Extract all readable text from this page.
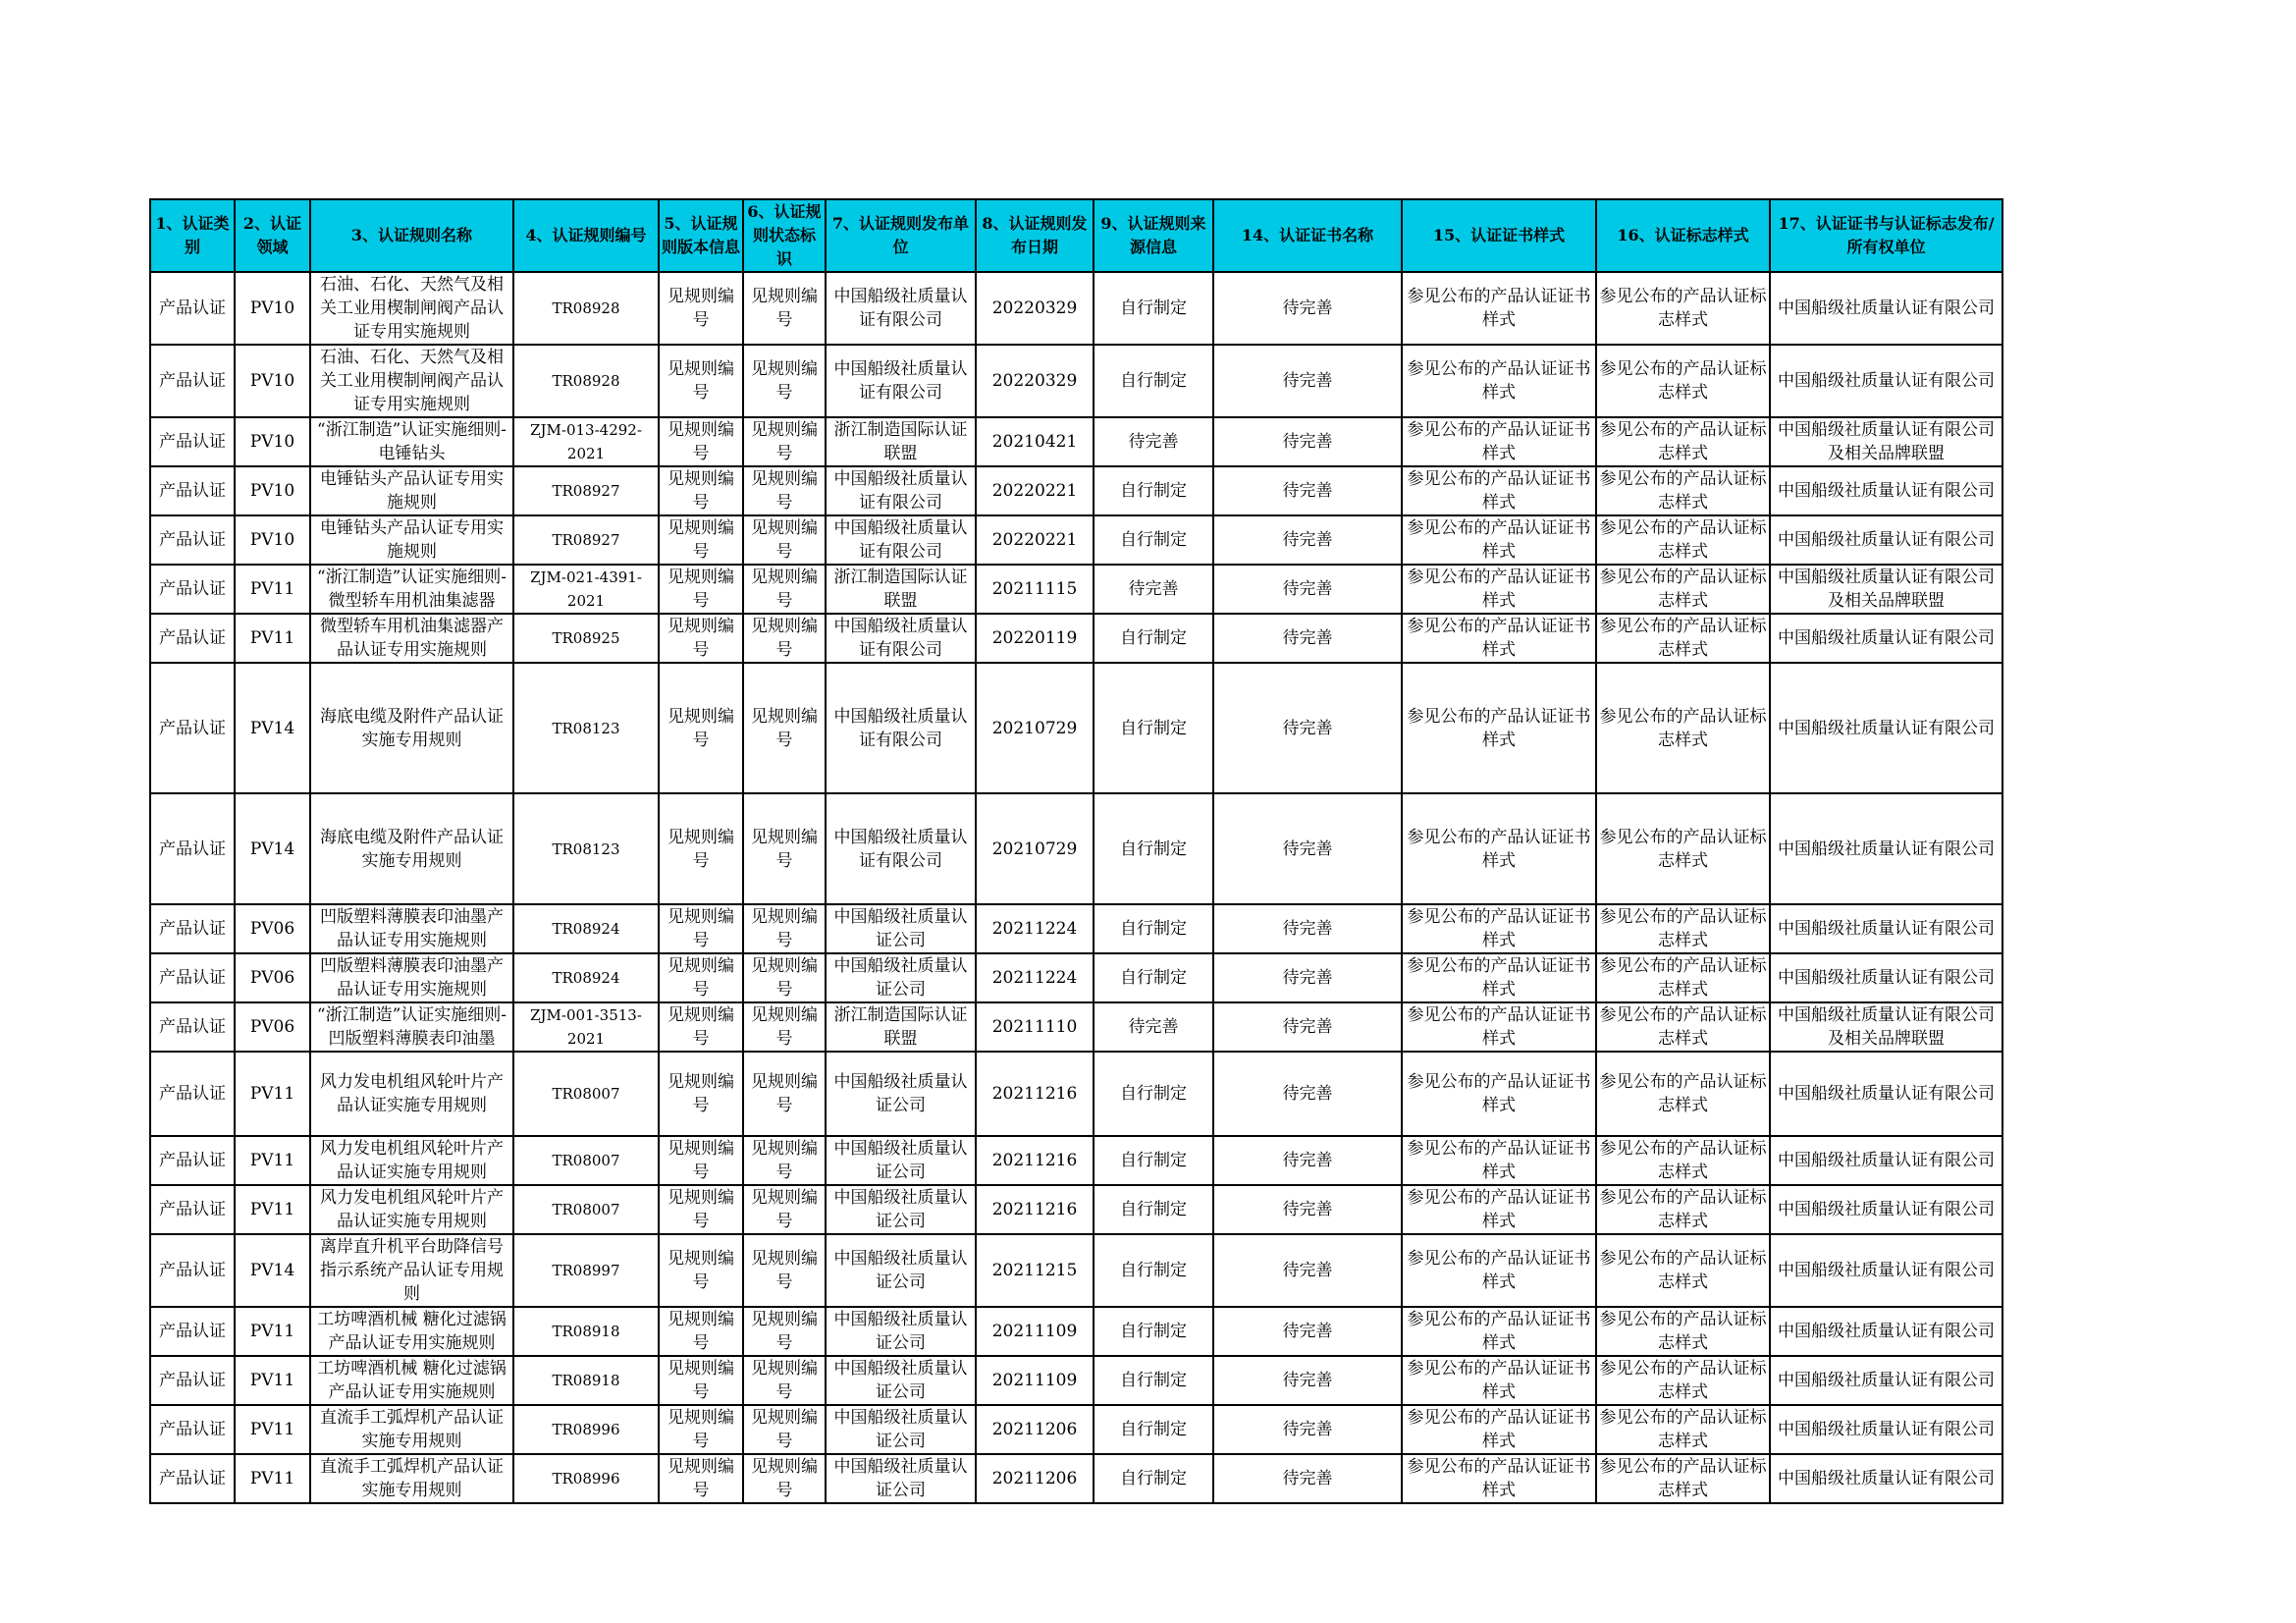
1、认证类别	2、认证领域	3、认证规则名称	4、认证规则编号	5、认证规则版本信息	6、认证规则状态标识	7、认证规则发布单位	8、认证规则发布日期	9、认证规则来源信息	14、认证证书名称	15、认证证书样式	16、认证标志样式	17、认证证书与认证标志发布/所有权单位

产品认证	PV10	石油、石化、天然气及相关工业用楔制闸阀产品认证专用实施规则	TR08928	见规则编号	见规则编号	中国船级社质量认证有限公司	20220329	自行制定	待完善	参见公布的产品认证证书样式	参见公布的产品认证标志样式	中国船级社质量认证有限公司

产品认证	PV10	石油、石化、天然气及相关工业用楔制闸阀产品认证专用实施规则	TR08928	见规则编号	见规则编号	中国船级社质量认证有限公司	20220329	自行制定	待完善	参见公布的产品认证证书样式	参见公布的产品认证标志样式	中国船级社质量认证有限公司

产品认证	PV10	“浙江制造”认证实施细则-电锤钻头	ZJM-013-4292-2021	见规则编号	见规则编号	浙江制造国际认证联盟	20210421	待完善	待完善	参见公布的产品认证证书样式	参见公布的产品认证标志样式	中国船级社质量认证有限公司及相关品牌联盟

产品认证	PV10	电锤钻头产品认证专用实施规则	TR08927	见规则编号	见规则编号	中国船级社质量认证有限公司	20220221	自行制定	待完善	参见公布的产品认证证书样式	参见公布的产品认证标志样式	中国船级社质量认证有限公司

产品认证	PV10	电锤钻头产品认证专用实施规则	TR08927	见规则编号	见规则编号	中国船级社质量认证有限公司	20220221	自行制定	待完善	参见公布的产品认证证书样式	参见公布的产品认证标志样式	中国船级社质量认证有限公司

产品认证	PV11	“浙江制造”认证实施细则-微型轿车用机油集滤器	ZJM-021-4391-2021	见规则编号	见规则编号	浙江制造国际认证联盟	20211115	待完善	待完善	参见公布的产品认证证书样式	参见公布的产品认证标志样式	中国船级社质量认证有限公司及相关品牌联盟

产品认证	PV11	微型轿车用机油集滤器产品认证专用实施规则	TR08925	见规则编号	见规则编号	中国船级社质量认证有限公司	20220119	自行制定	待完善	参见公布的产品认证证书样式	参见公布的产品认证标志样式	中国船级社质量认证有限公司

产品认证	PV14	海底电缆及附件产品认证实施专用规则	TR08123	见规则编号	见规则编号	中国船级社质量认证有限公司	20210729	自行制定	待完善	参见公布的产品认证证书样式	参见公布的产品认证标志样式	中国船级社质量认证有限公司

产品认证	PV14	海底电缆及附件产品认证实施专用规则	TR08123	见规则编号	见规则编号	中国船级社质量认证有限公司	20210729	自行制定	待完善	参见公布的产品认证证书样式	参见公布的产品认证标志样式	中国船级社质量认证有限公司

产品认证	PV06	凹版塑料薄膜表印油墨产品认证专用实施规则	TR08924	见规则编号	见规则编号	中国船级社质量认证公司	20211224	自行制定	待完善	参见公布的产品认证证书样式	参见公布的产品认证标志样式	中国船级社质量认证有限公司

产品认证	PV06	凹版塑料薄膜表印油墨产品认证专用实施规则	TR08924	见规则编号	见规则编号	中国船级社质量认证公司	20211224	自行制定	待完善	参见公布的产品认证证书样式	参见公布的产品认证标志样式	中国船级社质量认证有限公司

产品认证	PV06	“浙江制造”认证实施细则-凹版塑料薄膜表印油墨	ZJM-001-3513-2021	见规则编号	见规则编号	浙江制造国际认证联盟	20211110	待完善	待完善	参见公布的产品认证证书样式	参见公布的产品认证标志样式	中国船级社质量认证有限公司及相关品牌联盟

产品认证	PV11	风力发电机组风轮叶片产品认证实施专用规则	TR08007	见规则编号	见规则编号	中国船级社质量认证公司	20211216	自行制定	待完善	参见公布的产品认证证书样式	参见公布的产品认证标志样式	中国船级社质量认证有限公司

产品认证	PV11	风力发电机组风轮叶片产品认证实施专用规则	TR08007	见规则编号	见规则编号	中国船级社质量认证公司	20211216	自行制定	待完善	参见公布的产品认证证书样式	参见公布的产品认证标志样式	中国船级社质量认证有限公司

产品认证	PV11	风力发电机组风轮叶片产品认证实施专用规则	TR08007	见规则编号	见规则编号	中国船级社质量认证公司	20211216	自行制定	待完善	参见公布的产品认证证书样式	参见公布的产品认证标志样式	中国船级社质量认证有限公司

产品认证	PV14	离岸直升机平台助降信号指示系统产品认证专用规则	TR08997	见规则编号	见规则编号	中国船级社质量认证公司	20211215	自行制定	待完善	参见公布的产品认证证书样式	参见公布的产品认证标志样式	中国船级社质量认证有限公司

产品认证	PV11	工坊啤酒机械 糖化过滤锅产品认证专用实施规则	TR08918	见规则编号	见规则编号	中国船级社质量认证公司	20211109	自行制定	待完善	参见公布的产品认证证书样式	参见公布的产品认证标志样式	中国船级社质量认证有限公司

产品认证	PV11	工坊啤酒机械 糖化过滤锅产品认证专用实施规则	TR08918	见规则编号	见规则编号	中国船级社质量认证公司	20211109	自行制定	待完善	参见公布的产品认证证书样式	参见公布的产品认证标志样式	中国船级社质量认证有限公司

产品认证	PV11	直流手工弧焊机产品认证实施专用规则	TR08996	见规则编号	见规则编号	中国船级社质量认证公司	20211206	自行制定	待完善	参见公布的产品认证证书样式	参见公布的产品认证标志样式	中国船级社质量认证有限公司

产品认证	PV11	直流手工弧焊机产品认证实施专用规则	TR08996	见规则编号	见规则编号	中国船级社质量认证公司	20211206	自行制定	待完善	参见公布的产品认证证书样式	参见公布的产品认证标志样式	中国船级社质量认证有限公司
